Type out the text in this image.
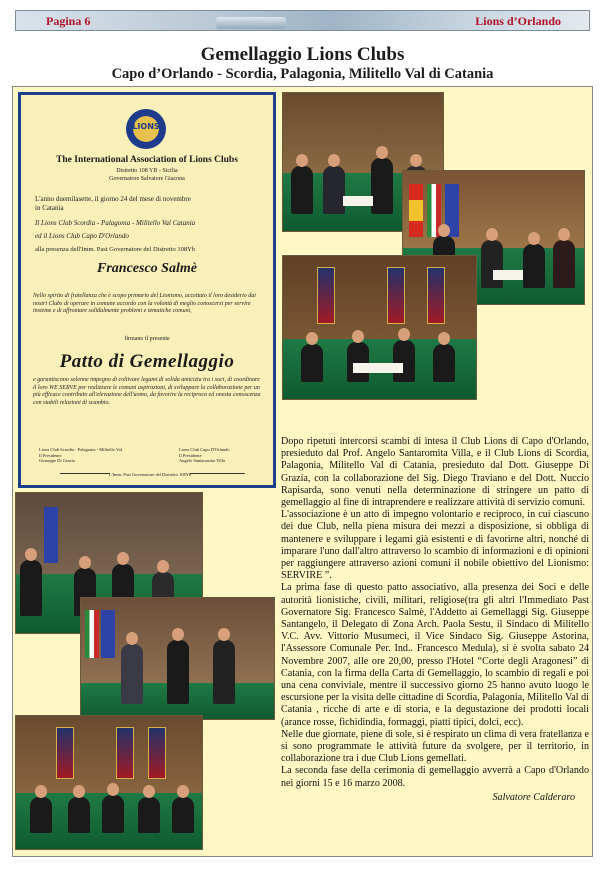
Pagina 6	Lions d’Orlando
Gemellaggio Lions Clubs
Capo d’Orlando - Scordia, Palagonia, Militello Val di Catania
LIONS
The International Association of Lions Clubs
Distretto 108 YB - Sicilia
Governatore Salvatore Giacona
L'anno duemilasette, il giorno 24 del mese di novembre
in Catania
Il Lions Club Scordia - Palagonia - Militello Val Catania
ed il Lions Club Capo D'Orlando
alla presenza dell'Imm. Past Governatore del Distretto 108Yb
Francesco Salmè
Nello spirito di fratellanza che è scopo primario del Lionismo, accettato il loro desiderio dai nostri Clubs di operare in comune accordo con la volontà di meglio conoscersi per servire insieme e di affrontare solidalmente problemi e tematiche comuni,
firmano il presente
Patto di Gemellaggio
e garantiscono solenne impegno di coltivare legami di solida amicizia tra i soci, di coordinare il loro WE SERVE per realizzare le comuni aspirazioni, di sviluppare la collaborazione per un più efficace contributo all'elevazione dell'uomo, da favorire la reciproca ed onesta conoscenza con stabili relazioni di scambio.
Lions Club Scordia - Palagonia - Militello Val.
Il Presidente
Giuseppe Di Grazia
Lions Club Capo D'Orlando
Il Presidente
Angelo Santaromita Villa
L'Imm. Past Governatore del Distretto 108Yb

Dopo ripetuti intercorsi scambi di intesa il Club Lions di Capo d'Orlando, presieduto dal Prof. Angelo Santaromita Villa, e il Club Lions di Scordia, Palagonia, Militello Val di Catania, presieduto dal Dott. Giuseppe Di Grazia, con la collaborazione del Sig. Diego Traviano e del Dott. Nuccio Rapisarda, sono venuti nella determinazione di stringere un patto di gemellaggio al fine di intraprendere e realizzare attività di servizio comuni.

L'associazione è un atto di impegno volontario e reciproco, in cui ciascuno dei due Club, nella piena misura dei mezzi a disposizione, si obbliga di mantenere e sviluppare i legami già esistenti e di favorirne altri, nonché di imparare l'uno dall'altro attraverso lo scambio di informazioni e di opinioni per raggiungere attraverso azioni comuni il nobile obiettivo del Lionismo: SERVIRE ”.

La prima fase di questo patto associativo, alla presenza dei Soci e delle autorità lionistiche, civili, militari, religiose(tra gli altri l'Immediato Past Governatore Sig. Francesco Salmè, l'Addetto ai Gemellaggi Sig. Giuseppe Santangelo, il Delegato di Zona Arch. Paola Sestu, il Sindaco di Militello V.C. Avv. Vittorio Musumeci, il Vice Sindaco Sig. Giuseppe Astorina, l'Assessore Comunale Per. Ind.. Francesco Medula), si è svolta sabato 24 Novembre 2007, alle ore 20,00, presso l'Hotel “Corte degli Aragonesi” di Catania, con la firma della Carta di Gemellaggio, lo scambio di regali e poi una cena conviviale, mentre il successivo giorno 25 hanno avuto luogo le escursione per la visita delle cittadine di Scordia, Palagonia, Militello Val di Catania , ricche di arte e di storia, e la degustazione dei prodotti locali (arance rosse, fichidindia, formaggi, piatti tipici, dolci, ecc).

Nelle due giornate, piene di sole, si è respirato un clima di vera fratellanza e si sono programmate le attività future da svolgere, per il territorio, in collaborazione tra i due Club Lions gemellati.

La seconda fase della cerimonia di gemellaggio avverrà a Capo d'Orlando nei giorni 15 e 16 marzo 2008.

Salvatore Calderaro
